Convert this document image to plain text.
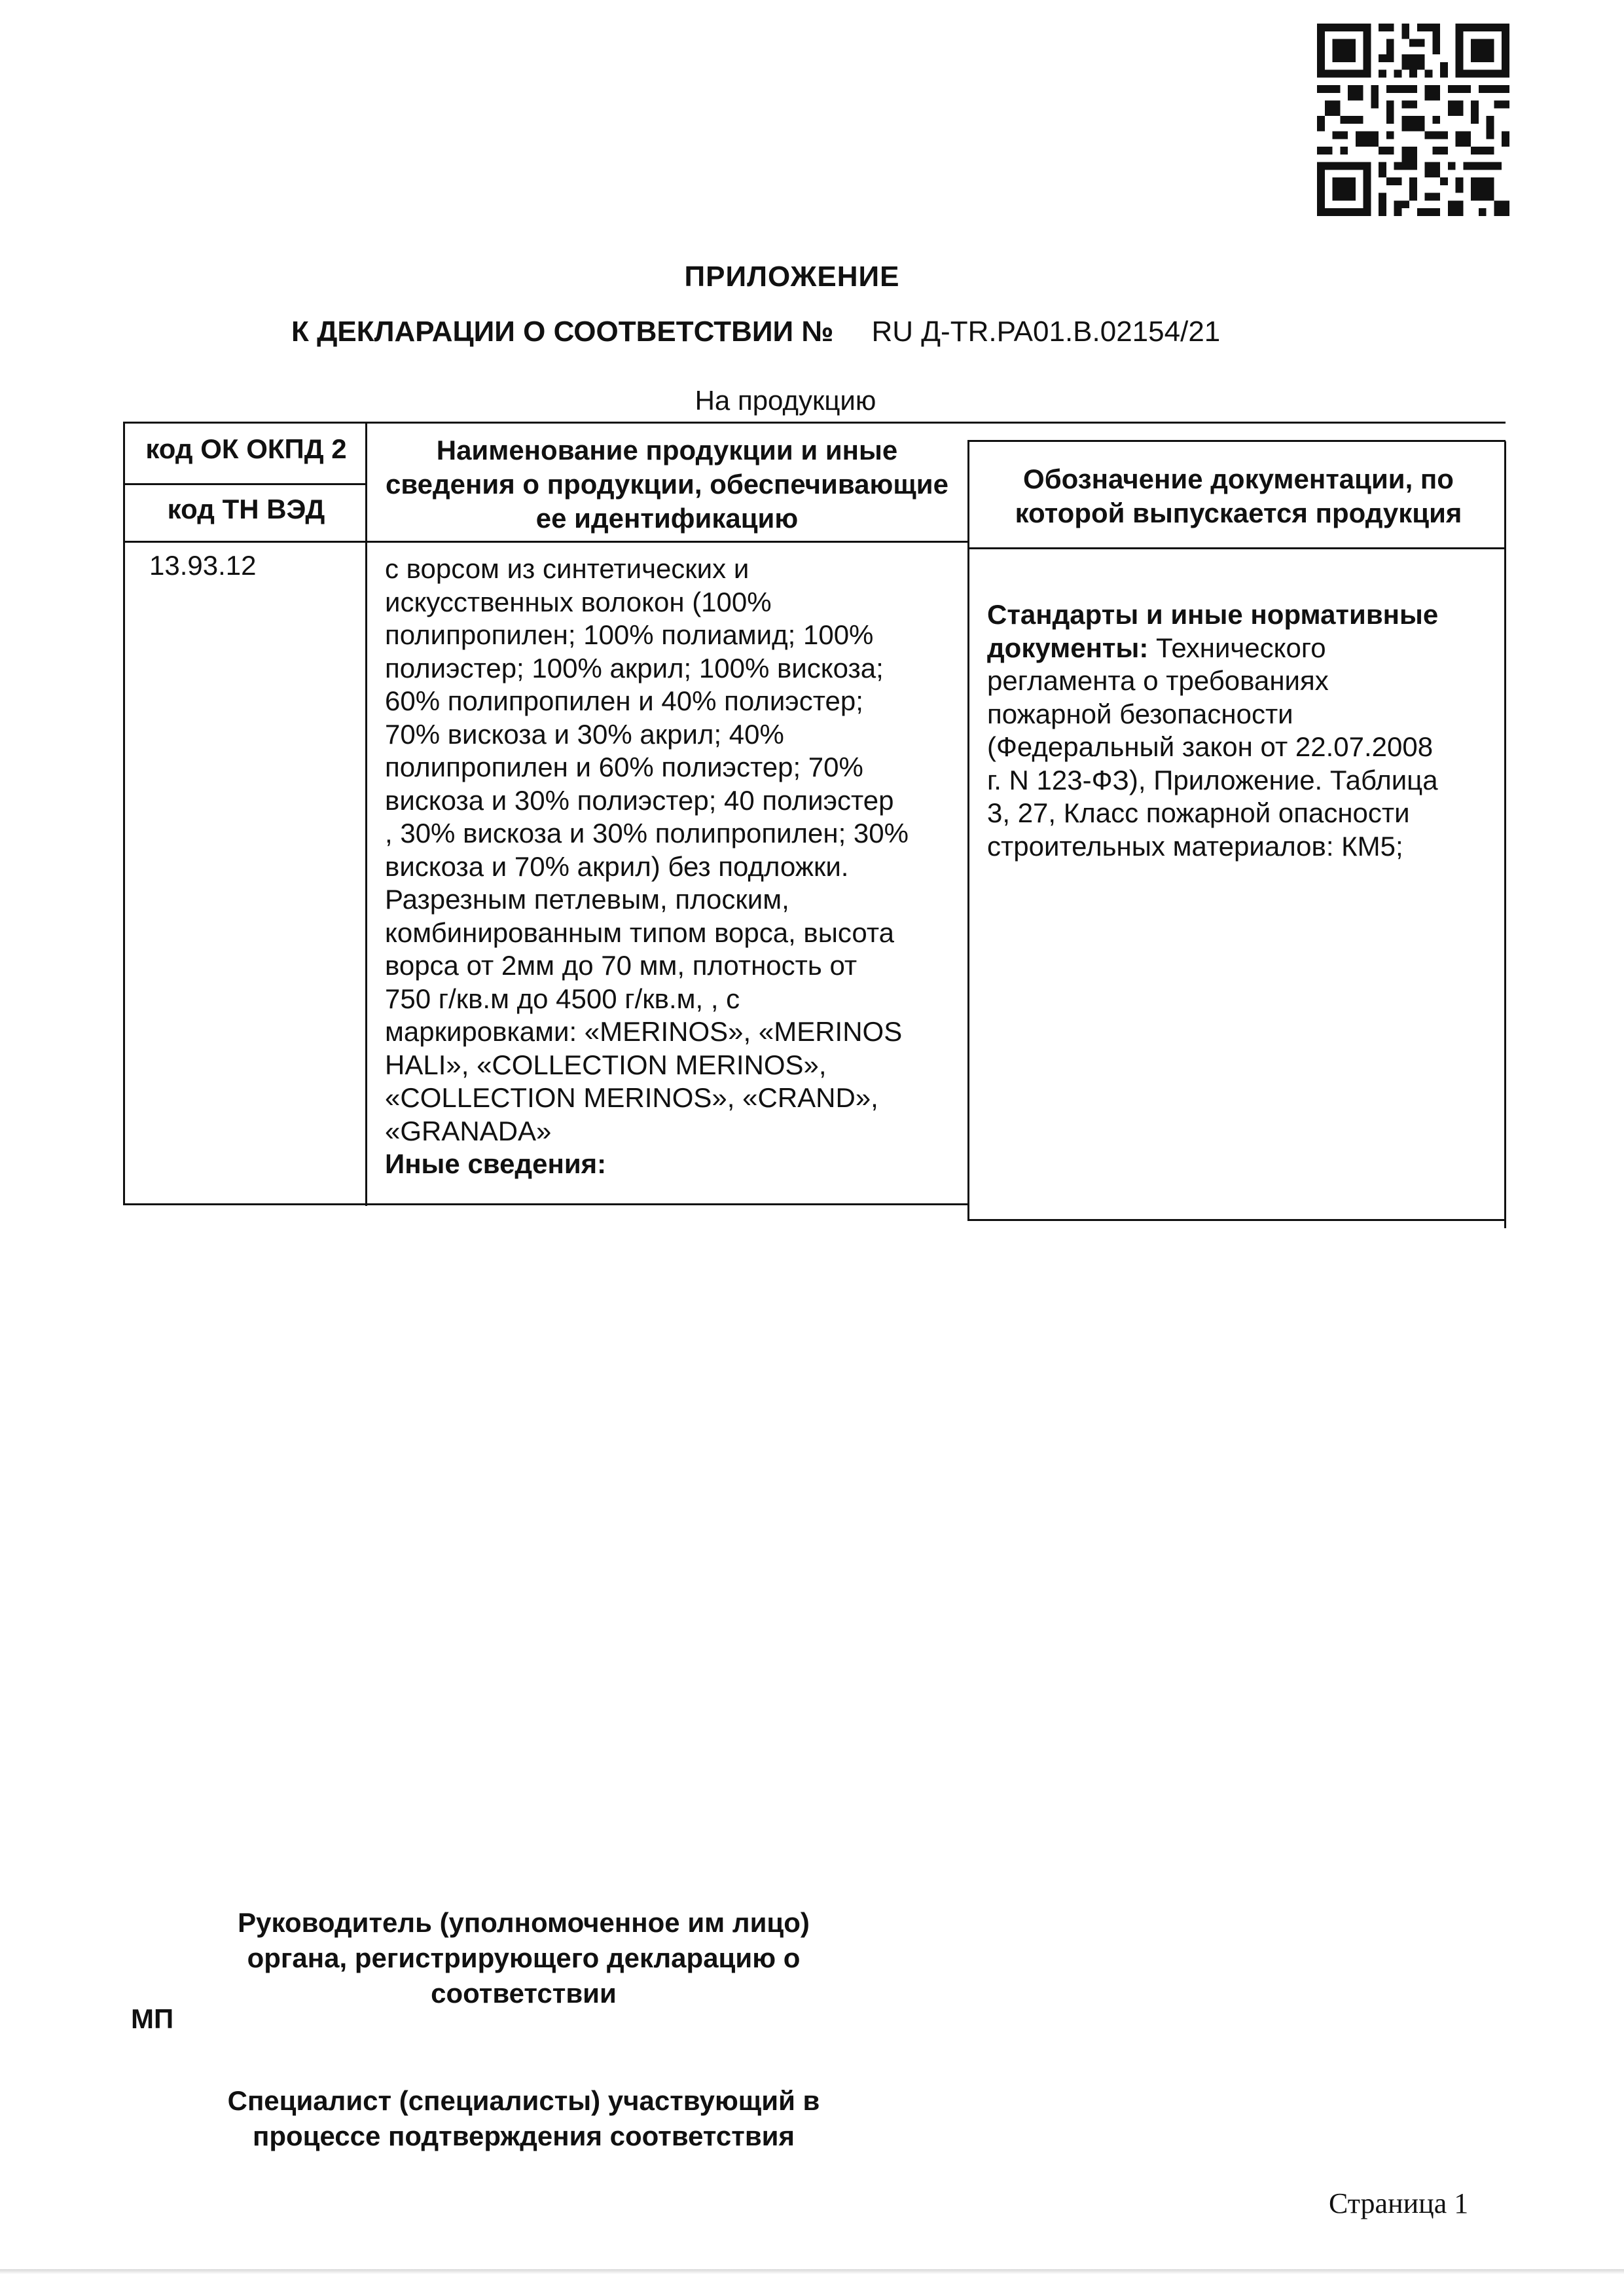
ПРИЛОЖЕНИЕ
К ДЕКЛАРАЦИИ О СООТВЕТСТВИИ № RU Д-TR.PA01.B.02154/21
На продукцию
код ОК ОКПД 2
код ТН ВЭД
Наименование продукции и иные сведения о продукции, обеспечивающие ее идентификацию
Обозначение документации, по которой выпускается продукция
13.93.12	с ворсом из синтетических и
искусственных волокон (100%
полипропилен; 100% полиамид; 100%
полиэстер; 100% акрил; 100% вискоза;
60% полипропилен и 40% полиэстер;
70% вискоза и 30% акрил; 40%
полипропилен и 60% полиэстер; 70%
вискоза и 30% полиэстер; 40 полиэстер
, 30% вискоза и 30% полипропилен; 30%
вискоза и 70% акрил) без подложки.
Разрезным петлевым, плоским,
комбинированным типом ворса, высота
ворса от 2мм до 70 мм, плотность от
750 г/кв.м до 4500 г/кв.м, , с
маркировками: «MERINOS», «MERINOS
HALI», «COLLECTION MERINOS»,
«COLLECTION MERINOS», «CRAND»,
«GRANADA»
Иные сведения:
Стандарты и иные нормативные
документы: Технического
регламента о требованиях
пожарной безопасности
(Федеральный закон от 22.07.2008
г. N 123-ФЗ), Приложение. Таблица
3, 27, Класс пожарной опасности
строительных материалов: КМ5;
Руководитель (уполномоченное им лицо)
органа, регистрирующего декларацию о
соответствии
МП
Специалист (специалисты) участвующий в
процессе подтверждения соответствия
Страница 1
